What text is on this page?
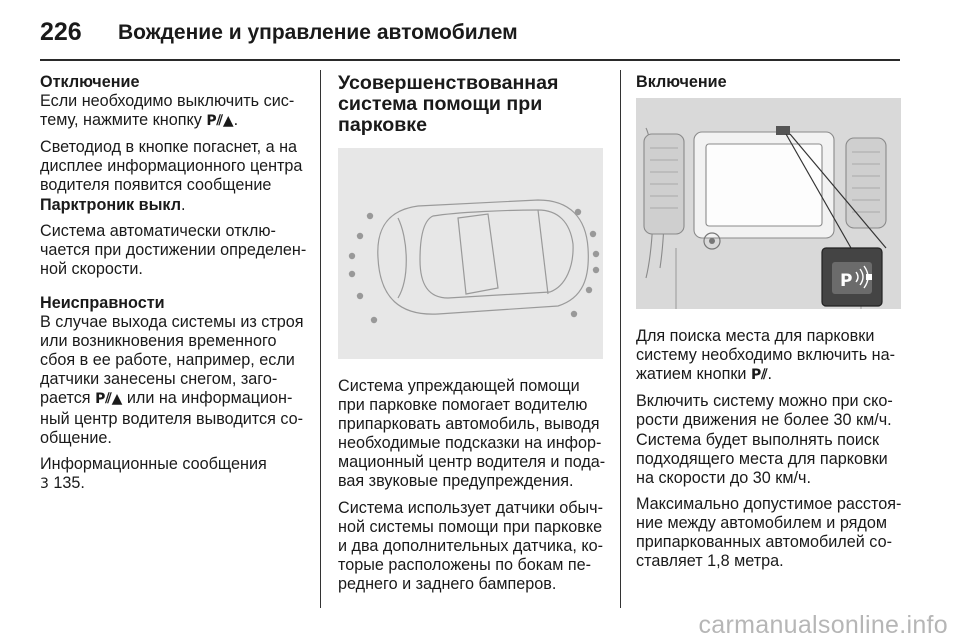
226 Вождение и управление автомобилем
Отключение

Если необходимо выключить сис-
тему, нажмите кнопку P⫽▲.

Светодиод в кнопке погаснет, а на
дисплее информационного центра
водителя появится сообщение
Парктроник выкл.

Система автоматически отклю-
чается при достижении определен-
ной скорости.

Неисправности

В случае выхода системы из строя
или возникновения временного
сбоя в ее работе, например, если
датчики занесены снегом, заго-
рается P⫽▲ или на информацион-
ный центр водителя выводится со-
общение.

Информационные сообщения
3 135.
Усовершенствованная
система помощи при парковке

Система упреждающей помощи
при парковке помогает водителю
припарковать автомобиль, выводя
необходимые подсказки на инфор-
мационный центр водителя и пода-
вая звуковые предупреждения.

Система использует датчики обыч-
ной системы помощи при парковке
и два дополнительных датчика, ко-
торые расположены по бокам пе-
реднего и заднего бамперов.

Включение
P

Для поиска места для парковки
систему необходимо включить на-
жатием кнопки P⫽.

Включить систему можно при ско-
рости движения не более 30 км/ч.
Система будет выполнять поиск
подходящего места для парковки
на скорости до 30 км/ч.

Максимально допустимое расстоя-
ние между автомобилем и рядом
припаркованных автомобилей со-
ставляет 1,8 метра.

carmanualsonline.info
